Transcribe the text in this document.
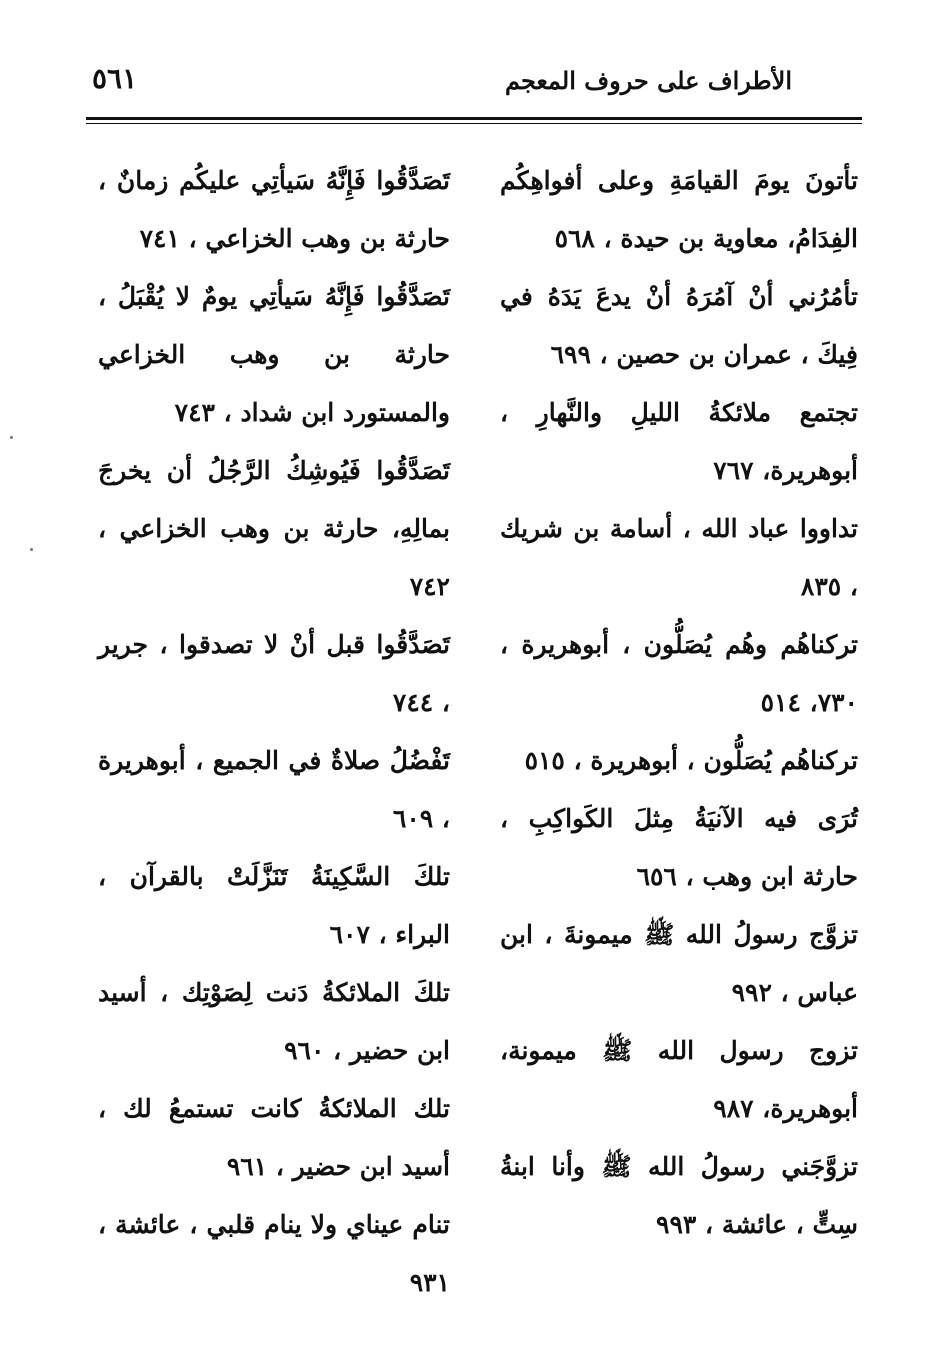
الأطراف على حروف المعجم
٥٦١
تأتونَ يومَ القيامَةِ وعلى أفواهِكُم الفِدَامُ، معاوية بن حيدة ، ٥٦٨
تأمُرُني أنْ آمُرَهُ أنْ يدعَ يَدَهُ في فِيكَ ، عمران بن حصين ، ٦٩٩
تجتمع ملائكةُ الليلِ والنَّهارِ ، أبوهريرة، ٧٦٧
تداووا عباد الله ، أسامة بن شريك ، ٨٣٥
تركناهُم وهُم يُصَلُّون ، أبوهريرة ، ٧٣٠، ٥١٤
تركناهُم يُصَلُّون ، أبوهريرة ، ٥١٥
تُرَى فيه الآنيَةُ مِثلَ الكَواكِبِ ، حارثة ابن وهب ، ٦٥٦
تزوَّج رسولُ الله ﷺ ميمونةَ ، ابن عباس ، ٩٩٢
تزوج رسول الله ﷺ ميمونة، أبوهريرة، ٩٨٧
تزوَّجَني رسولُ الله ﷺ وأنا ابنةُ سِتٍّ ، عائشة ، ٩٩٣
تَصَدَّقُوا فَإِنَّهُ سَيأتِي عليكُم زمانٌ ، حارثة بن وهب الخزاعي ، ٧٤١
تَصَدَّقُوا فَإِنَّهُ سَيأتِي يومٌ لا يُقْبَلُ ، حارثة بن وهب الخزاعي والمستورد ابن شداد ، ٧٤٣
تَصَدَّقُوا فَيُوشِكُ الرَّجُلُ أن يخرجَ بمالِهِ، حارثة بن وهب الخزاعي ، ٧٤٢
تَصَدَّقُوا قبل أنْ لا تصدقوا ، جرير ، ٧٤٤
تَفْضُلُ صلاةٌ في الجميع ، أبوهريرة ، ٦٠٩
تلكَ السَّكِينَةُ تَنَزَّلَتْ بالقرآن ، البراء ، ٦٠٧
تلكَ الملائكةُ دَنت لِصَوْتِك ، أسيد ابن حضير ، ٩٦٠
تلك الملائكةُ كانت تستمعُ لك ، أسيد ابن حضير ، ٩٦١
تنام عيناي ولا ينام قلبي ، عائشة ، ٩٣١
